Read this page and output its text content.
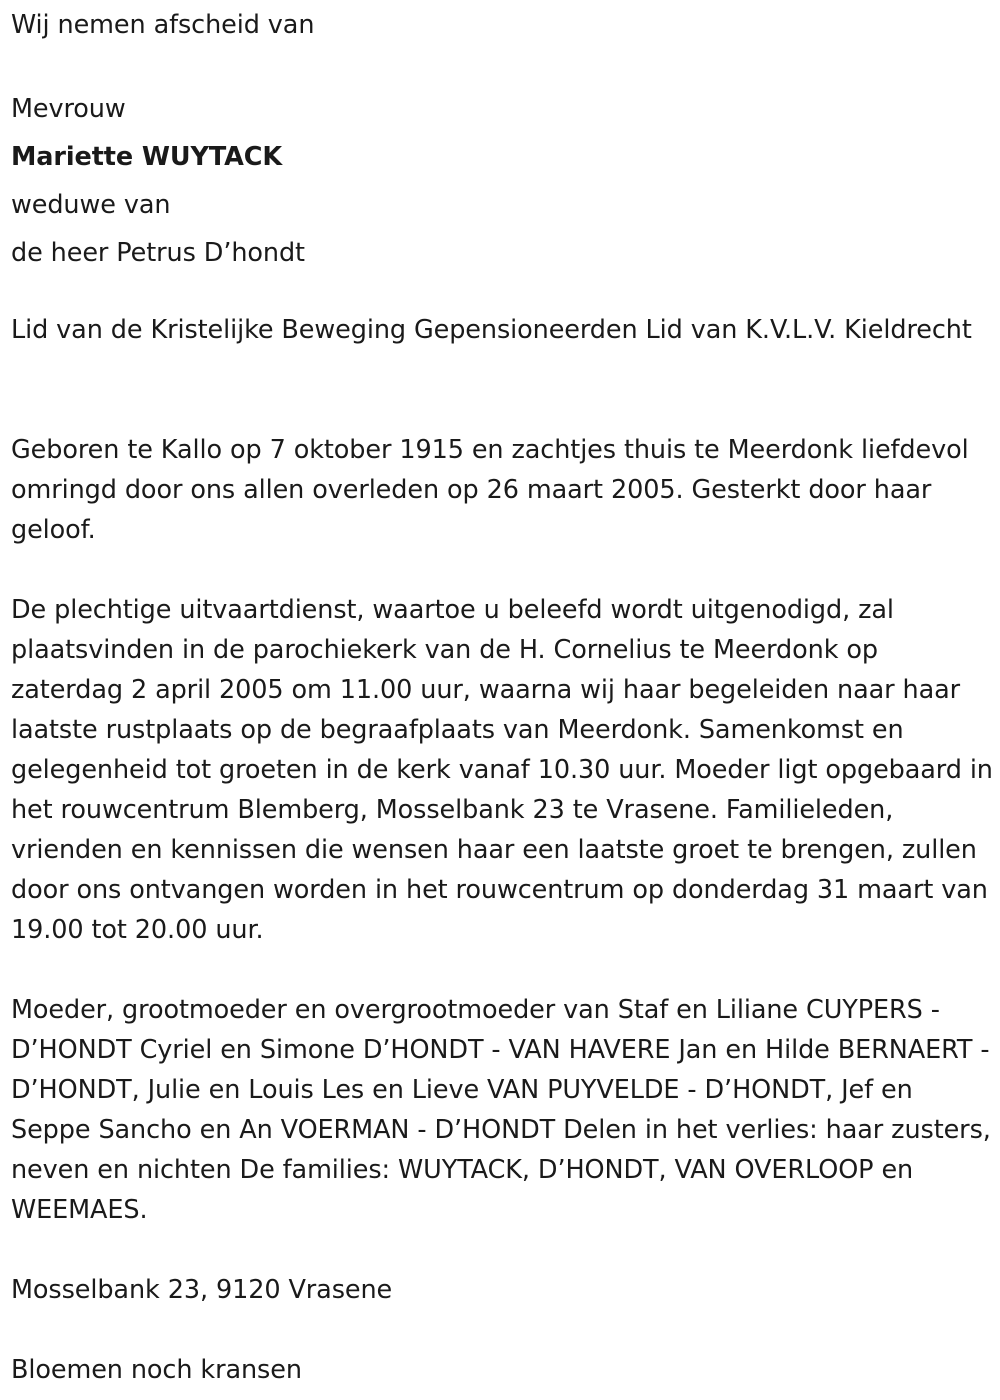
Wij nemen afscheid van

Mevrouw

Mariette WUYTACK

weduwe van

de heer Petrus D’hondt

Lid van de Kristelijke Beweging Gepensioneerden Lid van K.V.L.V. Kieldrecht

Geboren te Kallo op 7 oktober 1915 en zachtjes thuis te Meerdonk liefdevol omringd door ons allen overleden op 26 maart 2005. Gesterkt door haar geloof.

De plechtige uitvaartdienst, waartoe u beleefd wordt uitgenodigd, zal plaatsvinden in de parochiekerk van de H. Cornelius te Meerdonk op zaterdag 2 april 2005 om 11.00 uur, waarna wij haar begeleiden naar haar laatste rustplaats op de begraafplaats van Meerdonk. Samenkomst en gelegenheid tot groeten in de kerk vanaf 10.30 uur. Moeder ligt opgebaard in het rouwcentrum Blemberg, Mosselbank 23 te Vrasene. Familieleden, vrienden en kennissen die wensen haar een laatste groet te brengen, zullen door ons ontvangen worden in het rouwcentrum op donderdag 31 maart van 19.00 tot 20.00 uur.

Moeder, grootmoeder en overgrootmoeder van Staf en Liliane CUYPERS - D’HONDT Cyriel en Simone D’HONDT - VAN HAVERE Jan en Hilde BERNAERT - D’HONDT, Julie en Louis Les en Lieve VAN PUYVELDE - D’HONDT, Jef en Seppe Sancho en An VOERMAN - D’HONDT Delen in het verlies: haar zusters, neven en nichten De families: WUYTACK, D’HONDT, VAN OVERLOOP en WEEMAES.

Mosselbank 23, 9120 Vrasene

Bloemen noch kransen
